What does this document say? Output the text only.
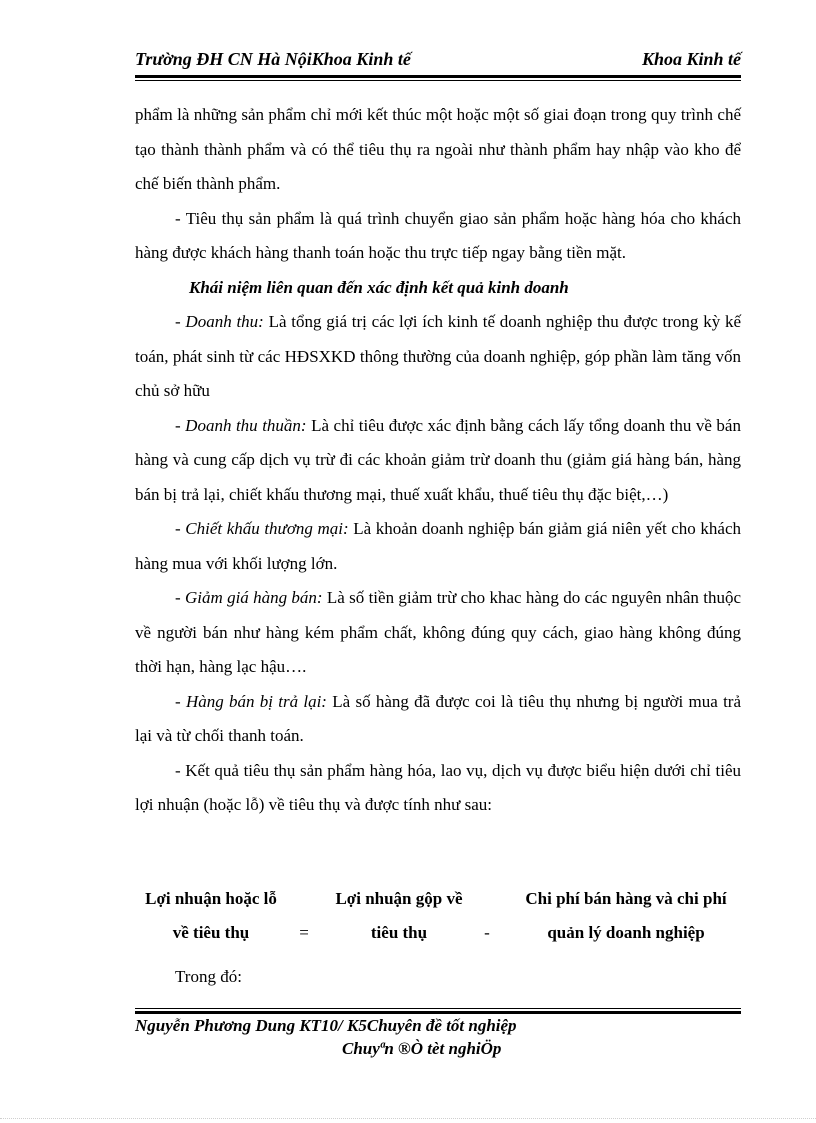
Trường ĐH CN Hà NộiKhoa Kinh tế	Khoa Kinh tế

phẩm là những sản phẩm chỉ mới kết thúc một hoặc một số giai đoạn trong quy trình chế tạo thành thành phẩm và có thể tiêu thụ ra ngoài như thành phẩm hay nhập vào kho để chế biến thành phẩm.

- Tiêu thụ sản phẩm là quá trình chuyển giao sản phẩm hoặc hàng hóa cho khách hàng được khách hàng thanh toán hoặc thu trực tiếp ngay bằng tiền mặt.

Khái niệm liên quan đến xác định kết quả kinh doanh

- Doanh thu: Là tổng giá trị các lợi ích kinh tế doanh nghiệp thu được trong kỳ kế toán, phát sinh từ các HĐSXKD thông thường của doanh nghiệp, góp phần làm tăng vốn chủ sở hữu

- Doanh thu thuần: Là chỉ tiêu được xác định bằng cách lấy tổng doanh thu về bán hàng và cung cấp dịch vụ trừ đi các khoản giảm trừ doanh thu (giảm giá hàng bán, hàng bán bị trả lại, chiết khấu thương mại, thuế xuất khẩu, thuế tiêu thụ đặc biệt,…)

- Chiết khấu thương mại: Là khoản doanh nghiệp bán giảm giá niên yết cho khách hàng mua với khối lượng lớn.

- Giảm giá hàng bán: Là số tiền giảm trừ cho khac hàng do các nguyên nhân thuộc về người bán như hàng kém phẩm chất, không đúng quy cách, giao hàng không đúng thời hạn, hàng lạc hậu….

- Hàng bán bị trả lại: Là số hàng đã được coi là tiêu thụ nhưng bị người mua trả lại và từ chối thanh toán.

- Kết quả tiêu thụ sản phẩm hàng hóa, lao vụ, dịch vụ được biểu hiện dưới chỉ tiêu lợi nhuận (hoặc lỗ) về tiêu thụ và được tính như sau:

Lợi nhuận hoặc lỗ về tiêu thụ	=
Lợi nhuận gộp về tiêu thụ	-
Chi phí bán hàng và chi phí quản lý doanh nghiệp
Trong đó:
Nguyễn Phương Dung KT10/ K5Chuyên đề tốt nghiệp
Chuyªn ®Ò tèt nghiÖp
